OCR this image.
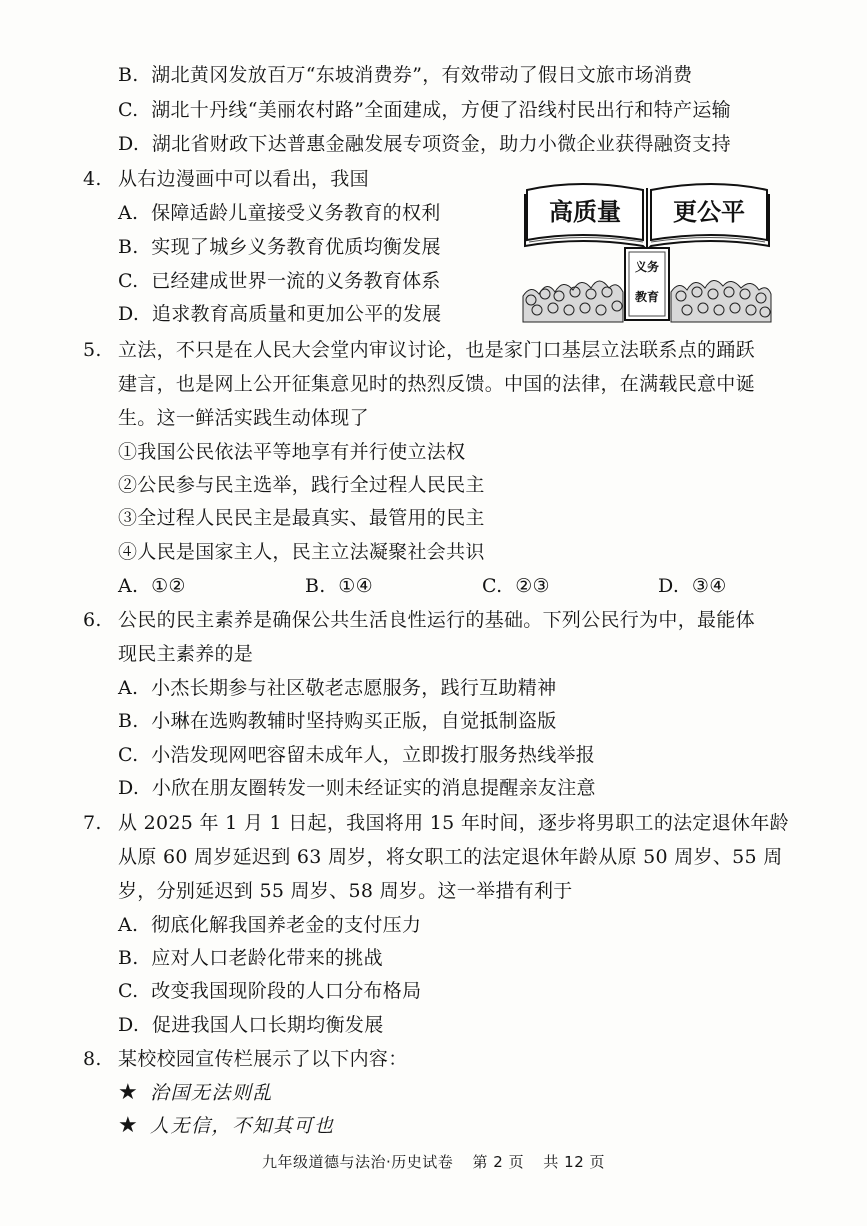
B. 湖北黄冈发放百万“东坡消费券”，有效带动了假日文旅市场消费
C. 湖北十丹线“美丽农村路”全面建成，方便了沿线村民出行和特产运输
D. 湖北省财政下达普惠金融发展专项资金，助力小微企业获得融资支持
4. 从右边漫画中可以看出，我国
A. 保障适龄儿童接受义务教育的权利
B. 实现了城乡义务教育优质均衡发展
C. 已经建成世界一流的义务教育体系
D. 追求教育高质量和更加公平的发展
高质量 更公平
义务
教育
5. 立法，不只是在人民大会堂内审议讨论，也是家门口基层立法联系点的踊跃
建言，也是网上公开征集意见时的热烈反馈。中国的法律，在满载民意中诞
生。这一鲜活实践生动体现了
①我国公民依法平等地享有并行使立法权
②公民参与民主选举，践行全过程人民民主
③全过程人民民主是最真实、最管用的民主
④人民是国家主人，民主立法凝聚社会共识
A. ①②	B. ①④	C. ②③	D. ③④
6. 公民的民主素养是确保公共生活良性运行的基础。下列公民行为中，最能体
现民主素养的是
A. 小杰长期参与社区敬老志愿服务，践行互助精神
B. 小琳在选购教辅时坚持购买正版，自觉抵制盗版
C. 小浩发现网吧容留未成年人，立即拨打服务热线举报
D. 小欣在朋友圈转发一则未经证实的消息提醒亲友注意
7. 从 2025 年 1 月 1 日起，我国将用 15 年时间，逐步将男职工的法定退休年龄
从原 60 周岁延迟到 63 周岁，将女职工的法定退休年龄从原 50 周岁、55 周
岁，分别延迟到 55 周岁、58 周岁。这一举措有利于
A. 彻底化解我国养老金的支付压力
B. 应对人口老龄化带来的挑战
C. 改变我国现阶段的人口分布格局
D. 促进我国人口长期均衡发展
8. 某校校园宣传栏展示了以下内容：
★ 治国无法则乱
★ 人无信，不知其可也
九年级道德与法治·历史试卷 第 2 页 共 12 页
